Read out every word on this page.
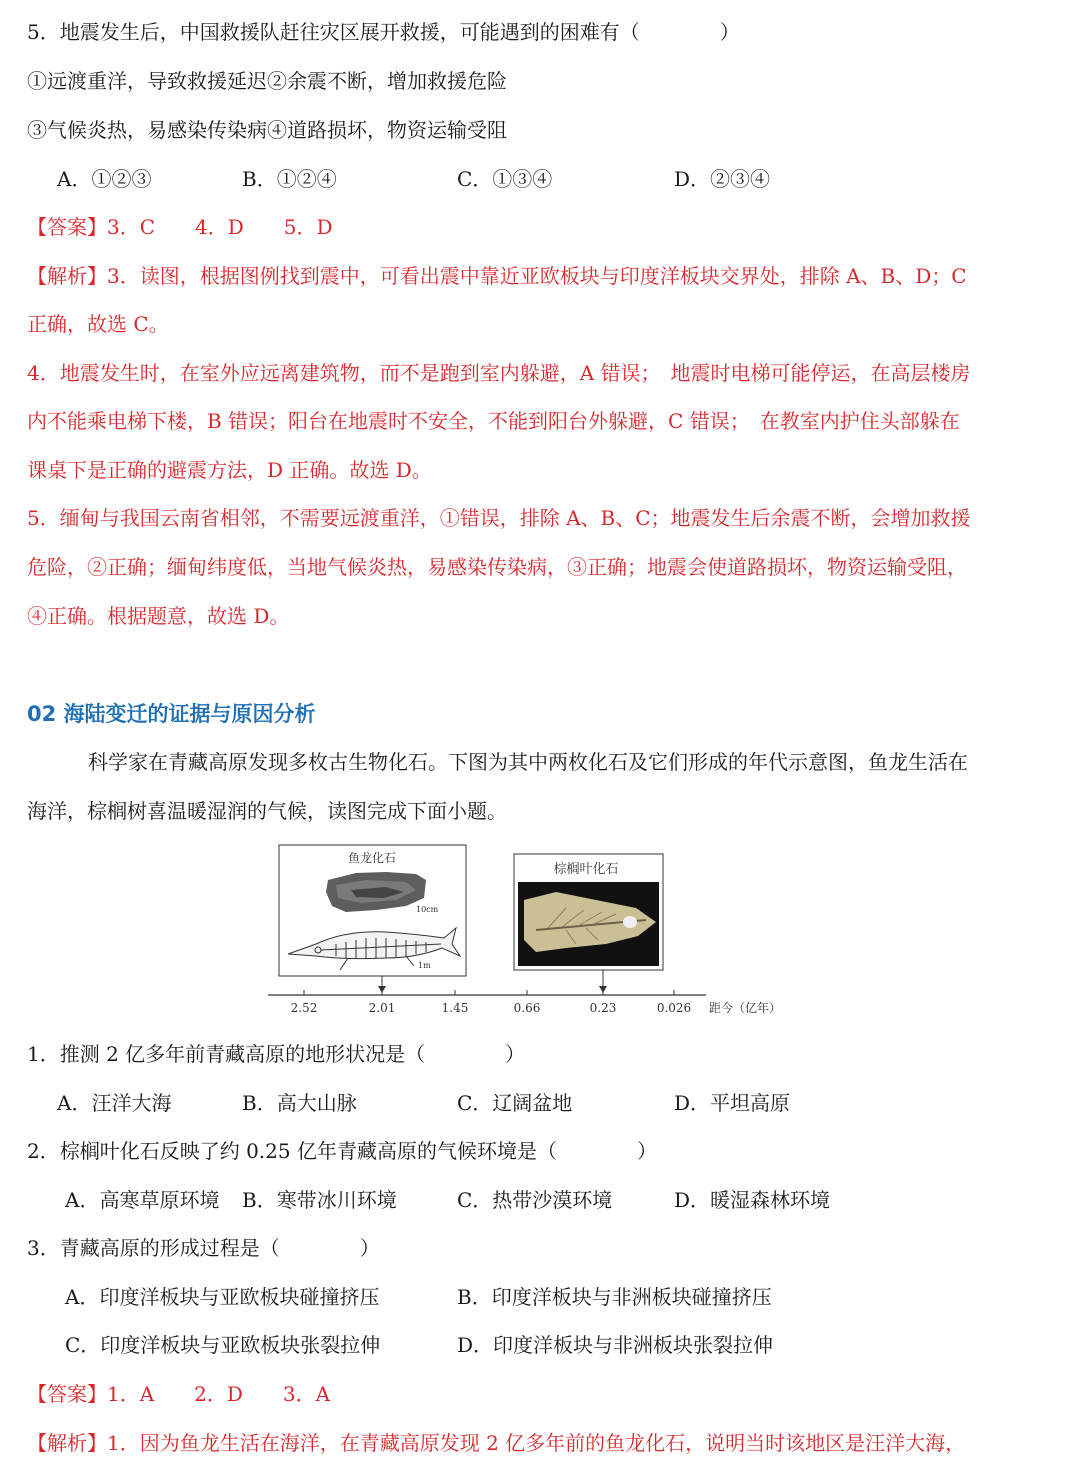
5．地震发生后，中国救援队赶往灾区展开救援，可能遇到的困难有（　　　　）
①远渡重洋，导致救援延迟②余震不断，增加救援危险
③气候炎热，易感染传染病④道路损坏，物资运输受阻
A．①②③	B．①②④	C．①③④	D．②③④
【答案】3．C　　4．D　　5．D
【解析】3．读图，根据图例找到震中，可看出震中靠近亚欧板块与印度洋板块交界处，排除 A、B、D；C
正确，故选 C。
4．地震发生时，在室外应远离建筑物，而不是跑到室内躲避，A 错误；　地震时电梯可能停运，在高层楼房
内不能乘电梯下楼，B 错误；阳台在地震时不安全，不能到阳台外躲避，C 错误；　在教室内护住头部躲在
课桌下是正确的避震方法，D 正确。故选 D。
5．缅甸与我国云南省相邻，不需要远渡重洋，①错误，排除 A、B、C；地震发生后余震不断，会增加救援
危险，②正确；缅甸纬度低，当地气候炎热，易感染传染病，③正确；地震会使道路损坏，物资运输受阻，
④正确。根据题意，故选 D。
02 海陆变迁的证据与原因分析
科学家在青藏高原发现多枚古生物化石。下图为其中两枚化石及它们形成的年代示意图，鱼龙生活在
海洋，棕榈树喜温暖湿润的气候，读图完成下面小题。
鱼龙化石
10cm
1m
棕榈叶化石
2.52	2.01	1.45	0.66	0.23	0.026 距今（亿年）
1．推测 2 亿多年前青藏高原的地形状况是（　　　　）
A．汪洋大海	B．高大山脉	C．辽阔盆地	D．平坦高原
2．棕榈叶化石反映了约 0.25 亿年青藏高原的气候环境是（　　　　）
A．高寒草原环境 B．寒带冰川环境	C．热带沙漠环境	D．暖湿森林环境
3．青藏高原的形成过程是（　　　　）
A．印度洋板块与亚欧板块碰撞挤压	B．印度洋板块与非洲板块碰撞挤压
C．印度洋板块与亚欧板块张裂拉伸	D．印度洋板块与非洲板块张裂拉伸
【答案】1．A　　2．D　　3．A
【解析】1．因为鱼龙生活在海洋，在青藏高原发现 2 亿多年前的鱼龙化石，说明当时该地区是汪洋大海，
